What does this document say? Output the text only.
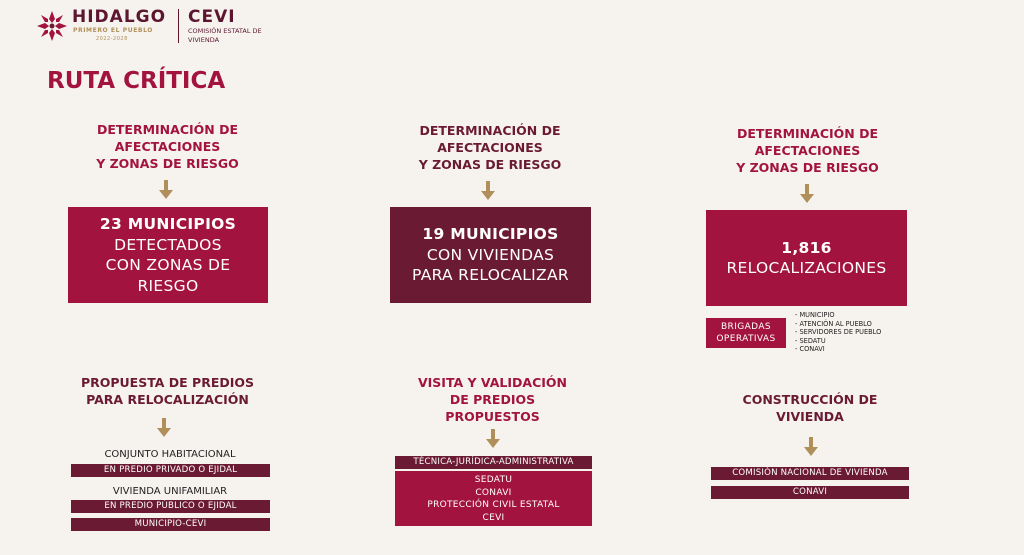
HIDALGO
PRIMERO EL PUEBLO
2022-2028
CEVI
COMISIÓN ESTATAL DE VIVIENDA
RUTA CRÍTICA
DETERMINACIÓN DE
AFECTACIONES
Y ZONAS DE RIESGO
23 MUNICIPIOS
DETECTADOS
CON ZONAS DE
RIESGO
PROPUESTA DE PREDIOS
PARA RELOCALIZACIÓN
CONJUNTO HABITACIONAL
EN PREDIO PRIVADO O EJIDAL
VIVIENDA UNIFAMILIAR
EN PREDIO PÚBLICO O EJIDAL
MUNICIPIO-CEVI
DETERMINACIÓN DE
AFECTACIONES
Y ZONAS DE RIESGO
19 MUNICIPIOS
CON VIVIENDAS
PARA RELOCALIZAR
VISITA Y VALIDACIÓN
DE PREDIOS
PROPUESTOS
TÉCNICA-JURÍDICA-ADMINISTRATIVA
SEDATU
CONAVI
PROTECCIÓN CIVIL ESTATAL
CEVI
DETERMINACIÓN DE
AFECTACIONES
Y ZONAS DE RIESGO
1,816
RELOCALIZACIONES
BRIGADAS
OPERATIVAS
- MUNICIPIO
- ATENCIÓN AL PUEBLO
- SERVIDORES DE PUEBLO
- SEDATU
- CONAVI
CONSTRUCCIÓN DE
VIVIENDA
COMISIÓN NACIONAL DE VIVIENDA
CONAVI
